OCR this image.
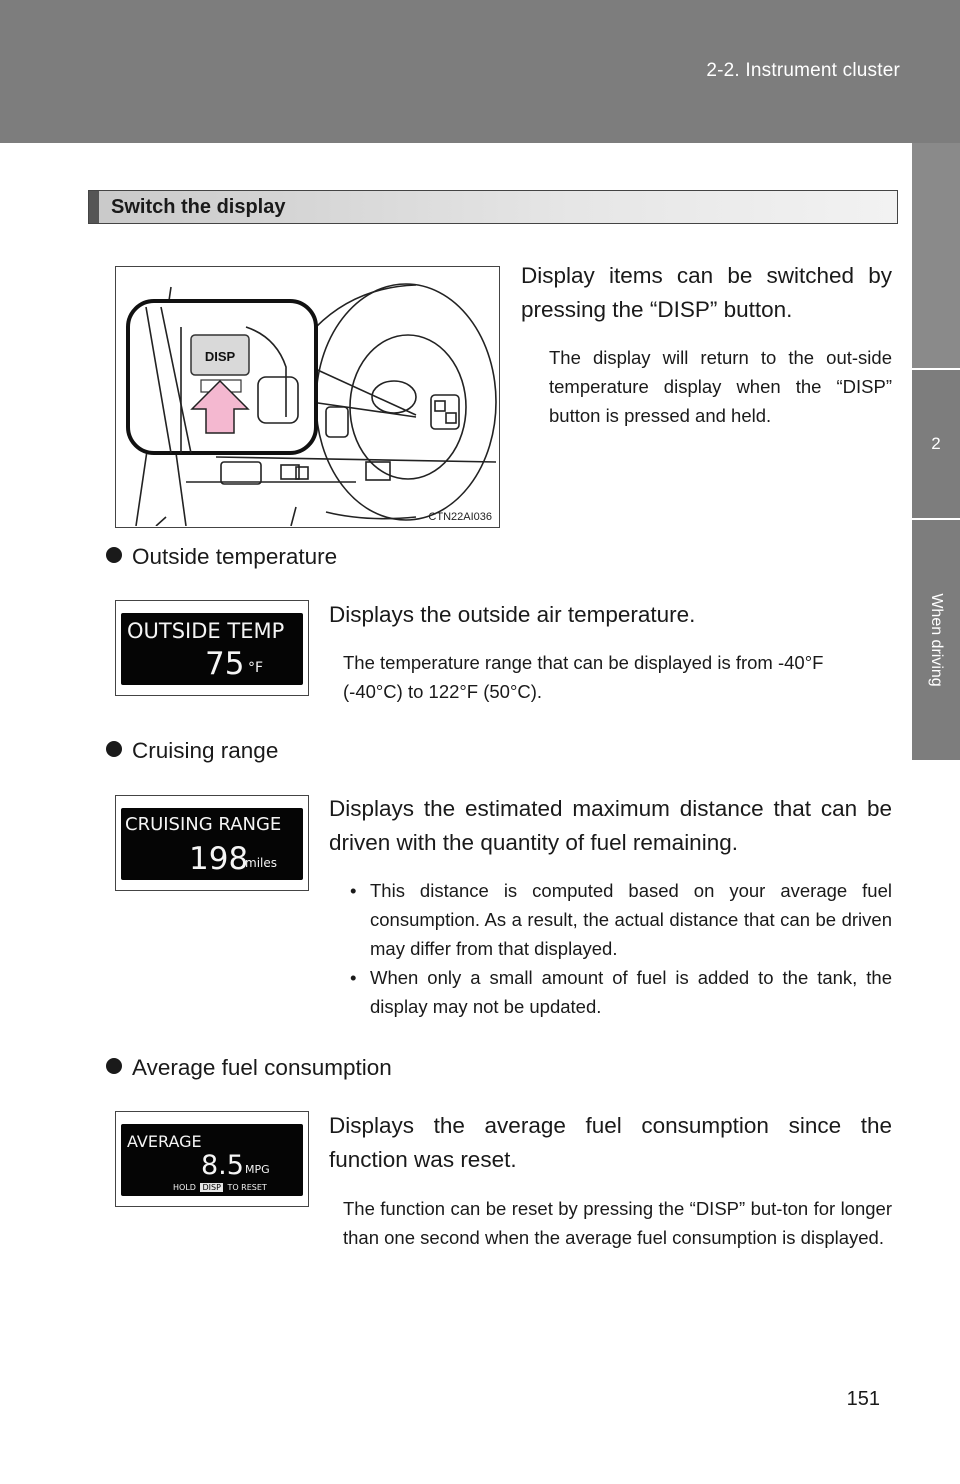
2-2. Instrument cluster
2
When driving
Switch the display
DISP
CTN22AI036
Display items can be switched by pressing the “DISP” button.
The display will return to the out-side temperature display when the “DISP” button is pressed and held.
Outside temperature
OUTSIDE TEMP
75 °F
Displays the outside air temperature.
The temperature range that can be displayed is from -40°F (-40°C) to 122°F (50°C).
Cruising range
CRUISING RANGE
198
miles
Displays the estimated maximum distance that can be driven with the quantity of fuel remaining.
• This distance is computed based on your average fuel consumption. As a result, the actual distance that can be driven may differ from that displayed.
• When only a small amount of fuel is added to the tank, the display may not be updated.
Average fuel consumption
AVERAGE
8.5 MPG
HOLD DISP TO RESET
Displays the average fuel consumption since the function was reset.
The function can be reset by pressing the “DISP” but-ton for longer than one second when the average fuel consumption is displayed.
151
